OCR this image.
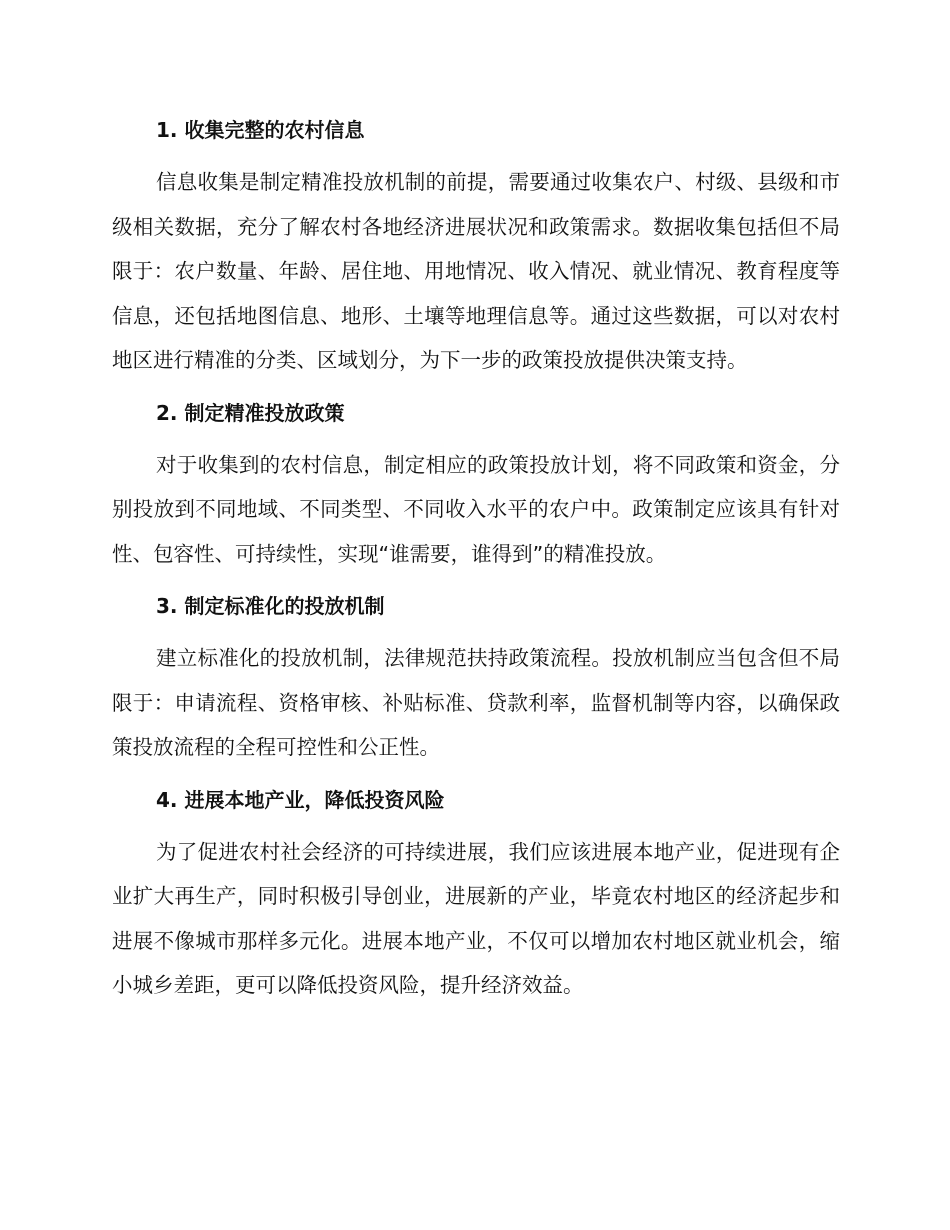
1. 收集完整的农村信息

信息收集是制定精准投放机制的前提，需要通过收集农户、村级、县级和市级相关数据，充分了解农村各地经济进展状况和政策需求。数据收集包括但不局限于：农户数量、年龄、居住地、用地情况、收入情况、就业情况、教育程度等信息，还包括地图信息、地形、土壤等地理信息等。通过这些数据，可以对农村地区进行精准的分类、区域划分，为下一步的政策投放提供决策支持。

2. 制定精准投放政策

对于收集到的农村信息，制定相应的政策投放计划，将不同政策和资金，分别投放到不同地域、不同类型、不同收入水平的农户中。政策制定应该具有针对性、包容性、可持续性，实现“谁需要，谁得到”的精准投放。

3. 制定标准化的投放机制

建立标准化的投放机制，法律规范扶持政策流程。投放机制应当包含但不局限于：申请流程、资格审核、补贴标准、贷款利率，监督机制等内容，以确保政策投放流程的全程可控性和公正性。

4. 进展本地产业，降低投资风险

为了促进农村社会经济的可持续进展，我们应该进展本地产业，促进现有企业扩大再生产，同时积极引导创业，进展新的产业，毕竟农村地区的经济起步和进展不像城市那样多元化。进展本地产业，不仅可以增加农村地区就业机会，缩小城乡差距，更可以降低投资风险，提升经济效益。
